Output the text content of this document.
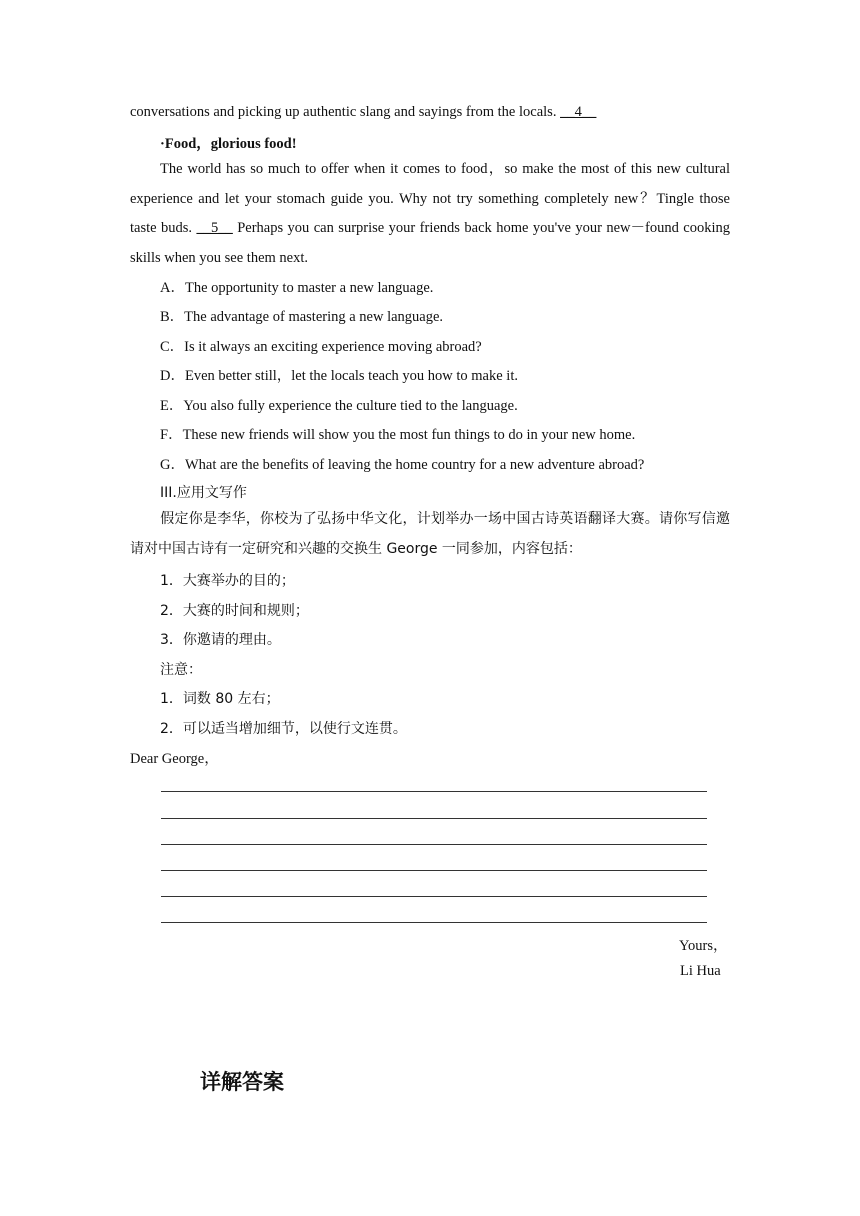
conversations and picking up authentic slang and sayings from the locals. __4__
·Food，glorious food!
The world has so much to offer when it comes to food，so make the most of this new cultural experience and let your stomach guide you. Why not try something completely new？Tingle those taste buds. __5__ Perhaps you can surprise your friends back home you've your new－found cooking skills when you see them next.
A．The opportunity to master a new language.
B．The advantage of mastering a new language.
C．Is it always an exciting experience moving abroad?
D．Even better still，let the locals teach you how to make it.
E．You also fully experience the culture tied to the language.
F．These new friends will show you the most fun things to do in your new home.
G．What are the benefits of leaving the home country for a new adventure abroad?
III.应用文写作
假定你是李华，你校为了弘扬中华文化，计划举办一场中国古诗英语翻译大赛。请你写信邀请对中国古诗有一定研究和兴趣的交换生 George 一同参加，内容包括：
1．大赛举办的目的；
2．大赛的时间和规则；
3．你邀请的理由。
注意：
1．词数 80 左右；
2．可以适当增加细节，以使行文连贯。
Dear George，
Yours，
Li Hua
详解答案
